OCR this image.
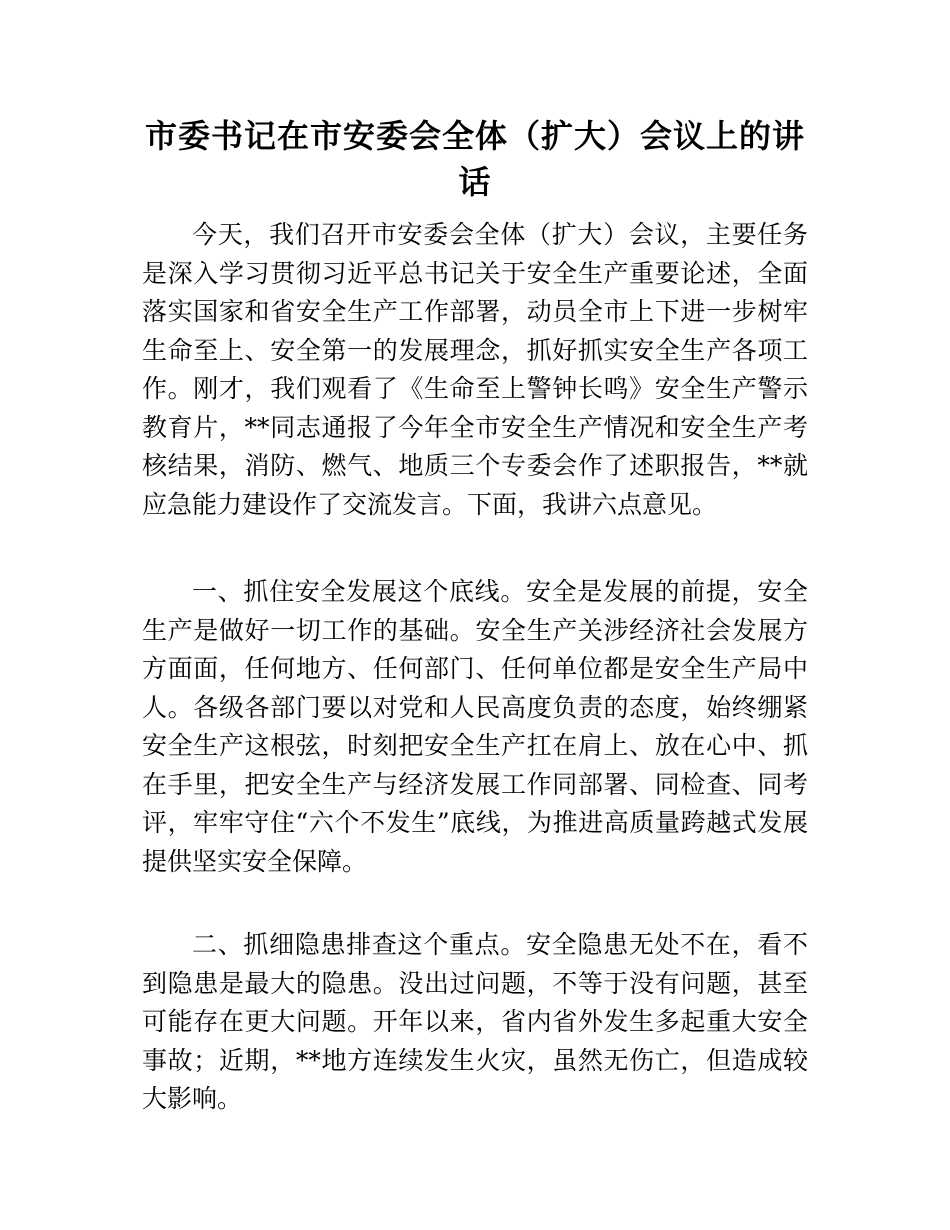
市委书记在市安委会全体（扩大）会议上的讲话

今天，我们召开市安委会全体（扩大）会议，主要任务是深入学习贯彻习近平总书记关于安全生产重要论述，全面落实国家和省安全生产工作部署，动员全市上下进一步树牢生命至上、安全第一的发展理念，抓好抓实安全生产各项工作。刚才，我们观看了《生命至上警钟长鸣》安全生产警示教育片，**同志通报了今年全市安全生产情况和安全生产考核结果，消防、燃气、地质三个专委会作了述职报告，**就应急能力建设作了交流发言。下面，我讲六点意见。

一、抓住安全发展这个底线。安全是发展的前提，安全生产是做好一切工作的基础。安全生产关涉经济社会发展方方面面，任何地方、任何部门、任何单位都是安全生产局中人。各级各部门要以对党和人民高度负责的态度，始终绷紧安全生产这根弦，时刻把安全生产扛在肩上、放在心中、抓在手里，把安全生产与经济发展工作同部署、同检查、同考评，牢牢守住“六个不发生”底线，为推进高质量跨越式发展提供坚实安全保障。

二、抓细隐患排查这个重点。安全隐患无处不在，看不到隐患是最大的隐患。没出过问题，不等于没有问题，甚至可能存在更大问题。开年以来，省内省外发生多起重大安全事故；近期，**地方连续发生火灾，虽然无伤亡，但造成较大影响。
